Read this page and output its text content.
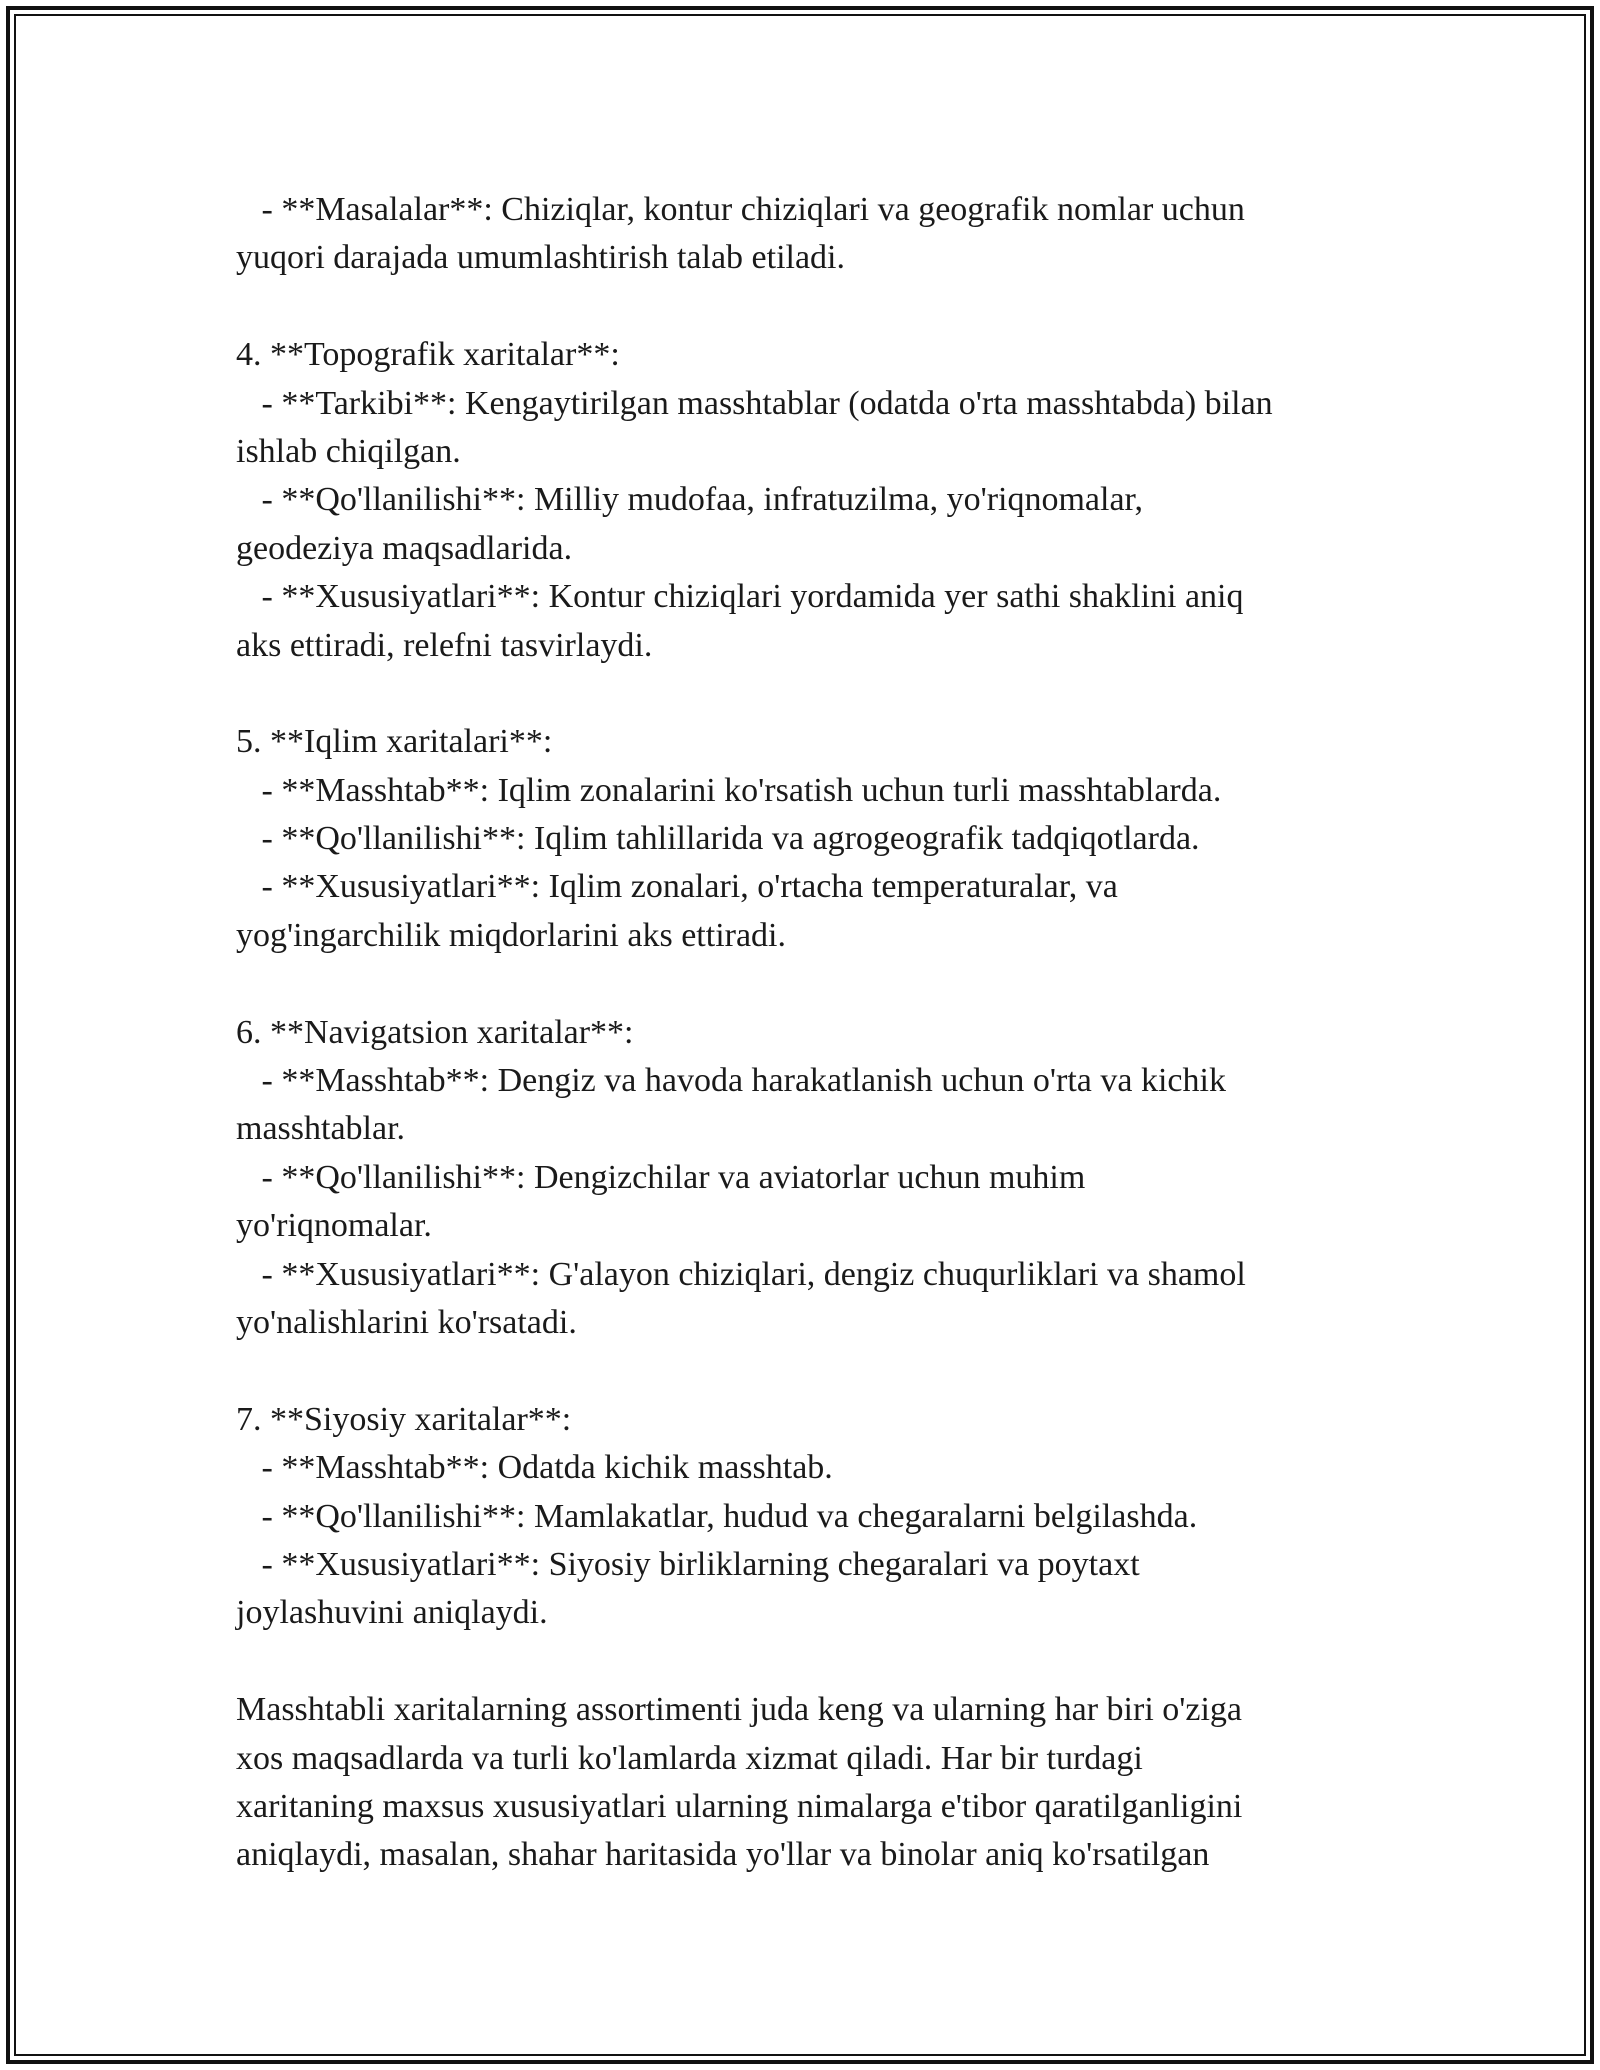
- **Masalalar**: Chiziqlar, kontur chiziqlari va geografik nomlar uchun
yuqori darajada umumlashtirish talab etiladi.
4. **Topografik xaritalar**:
- **Tarkibi**: Kengaytirilgan masshtablar (odatda o'rta masshtabda) bilan
ishlab chiqilgan.
- **Qo'llanilishi**: Milliy mudofaa, infratuzilma, yo'riqnomalar,
geodeziya maqsadlarida.
- **Xususiyatlari**: Kontur chiziqlari yordamida yer sathi shaklini aniq
aks ettiradi, relefni tasvirlaydi.
5. **Iqlim xaritalari**:
- **Masshtab**: Iqlim zonalarini ko'rsatish uchun turli masshtablarda.
- **Qo'llanilishi**: Iqlim tahlillarida va agrogeografik tadqiqotlarda.
- **Xususiyatlari**: Iqlim zonalari, o'rtacha temperaturalar, va
yog'ingarchilik miqdorlarini aks ettiradi.
6. **Navigatsion xaritalar**:
- **Masshtab**: Dengiz va havoda harakatlanish uchun o'rta va kichik
masshtablar.
- **Qo'llanilishi**: Dengizchilar va aviatorlar uchun muhim
yo'riqnomalar.
- **Xususiyatlari**: G'alayon chiziqlari, dengiz chuqurliklari va shamol
yo'nalishlarini ko'rsatadi.
7. **Siyosiy xaritalar**:
- **Masshtab**: Odatda kichik masshtab.
- **Qo'llanilishi**: Mamlakatlar, hudud va chegaralarni belgilashda.
- **Xususiyatlari**: Siyosiy birliklarning chegaralari va poytaxt
joylashuvini aniqlaydi.
Masshtabli xaritalarning assortimenti juda keng va ularning har biri o'ziga
xos maqsadlarda va turli ko'lamlarda xizmat qiladi. Har bir turdagi
xaritaning maxsus xususiyatlari ularning nimalarga e'tibor qaratilganligini
aniqlaydi, masalan, shahar haritasida yo'llar va binolar aniq ko'rsatilgan
